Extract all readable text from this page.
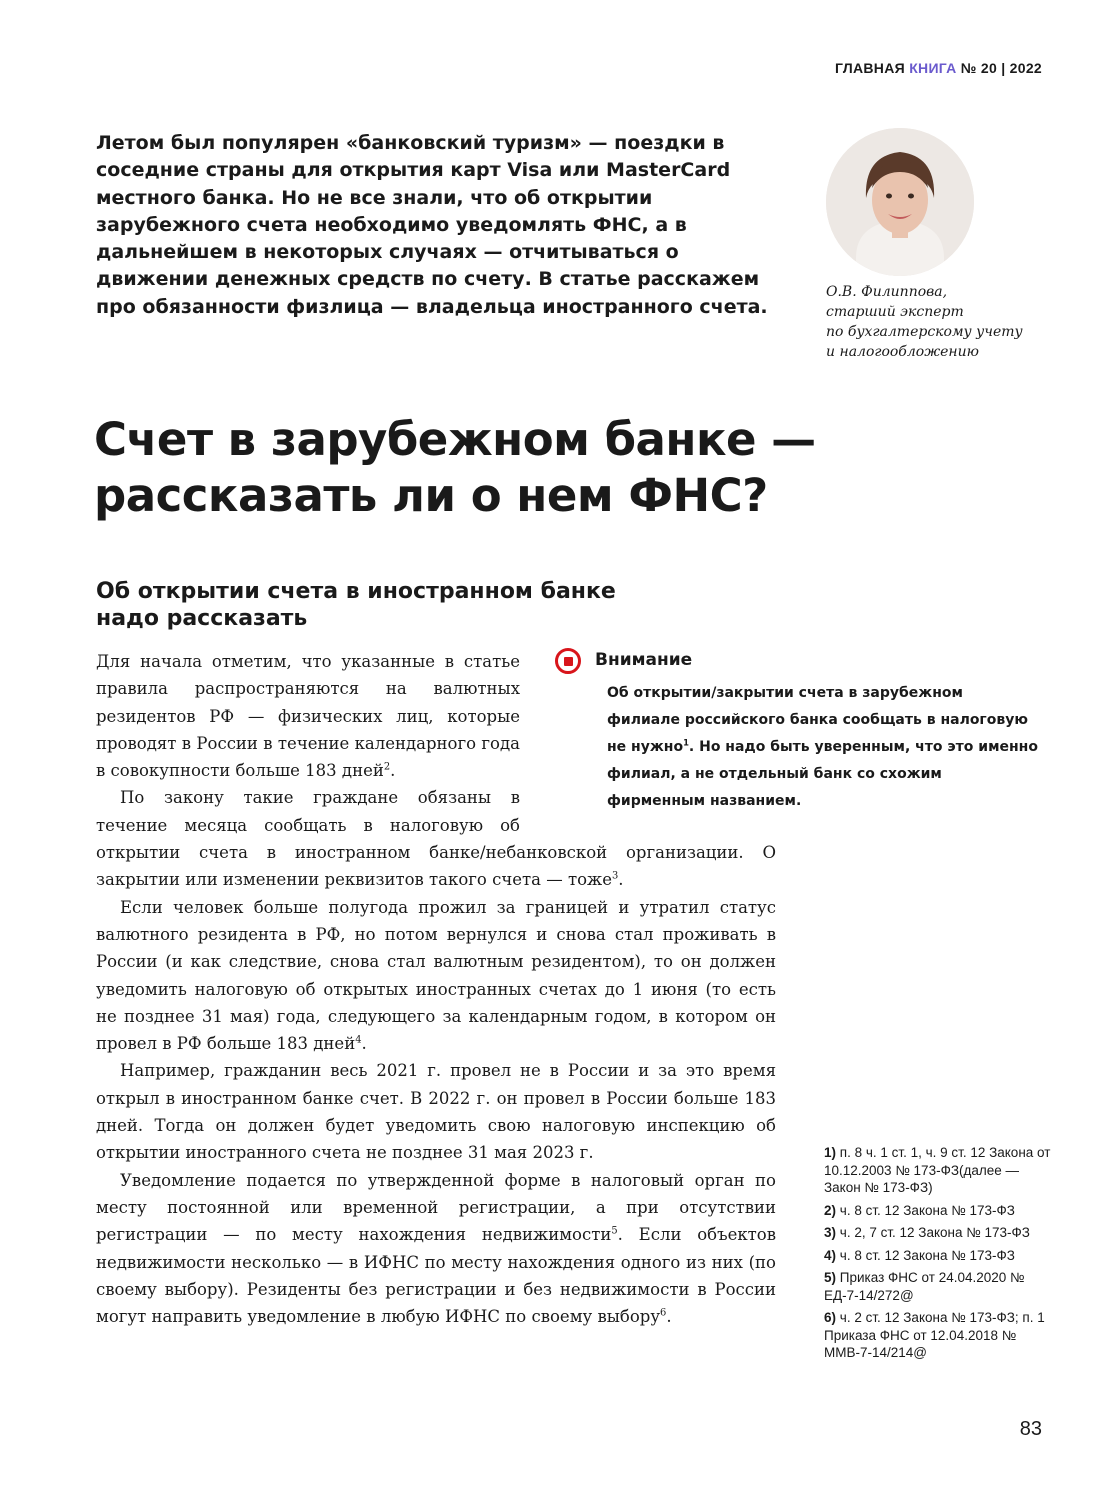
ГЛАВНАЯ КНИГА № 20 | 2022
Летом был популярен «банковский туризм» — поездки в соседние страны для открытия карт Visa или MasterCard местного банка. Но не все знали, что об открытии зарубежного счета необходимо уведомлять ФНС, а в дальнейшем в некоторых случаях — отчитываться о движении денежных средств по счету. В статье расскажем про обязанности физлица — владельца иностранного счета.
О.В. Филиппова,
старший эксперт
по бухгалтерскому учету
и налогообложению
Счет в зарубежном банке —
рассказать ли о нем ФНС?
Об открытии счета в иностранном банке
надо рассказать
Внимание
Об открытии/закрытии счета в зарубежном филиале российского банка сообщать в налоговую не нужно$^1$. Но надо быть уверенным, что это именно филиал, а не отдельный банк со схожим фирменным названием.

Для начала отметим, что указанные в статье правила распространяются на валютных резидентов РФ — физических лиц, которые проводят в России в течение календарного года в совокупности больше 183 дней$^2$.

По закону такие граждане обязаны в течение месяца сообщать в налоговую об открытии счета в иностранном банке/небанковской организации. О закрытии или изменении реквизитов такого счета — тоже$^3$.

Если человек больше полугода прожил за границей и утратил статус валютного резидента в РФ, но потом вернулся и снова стал проживать в России (и как следствие, снова стал валютным резидентом), то он должен уведомить налоговую об открытых иностранных счетах до 1 июня (то есть не позднее 31 мая) года, следующего за календарным годом, в котором он провел в РФ больше 183 дней$^4$.

Например, гражданин весь 2021 г. провел не в России и за это время открыл в иностранном банке счет. В 2022 г. он провел в России больше 183 дней. Тогда он должен будет уведомить свою налоговую инспекцию об открытии иностранного счета не позднее 31 мая 2023 г.

Уведомление подается по утвержденной форме в налоговый орган по месту постоянной или временной регистрации, а при отсутствии регистрации — по месту нахождения недвижимости$^5$. Если объектов недвижимости несколько — в ИФНС по месту нахождения одного из них (по своему выбору). Резиденты без регистрации и без недвижимости в России могут направить уведомление в любую ИФНС по своему выбору$^6$.

1) п. 8 ч. 1 ст. 1, ч. 9 ст. 12 Закона от 10.12.2003 № 173-ФЗ(далее — Закон № 173-ФЗ)
2) ч. 8 ст. 12 Закона № 173-ФЗ
3) ч. 2, 7 ст. 12 Закона № 173-ФЗ
4) ч. 8 ст. 12 Закона № 173-ФЗ
5) Приказ ФНС от 24.04.2020 № ЕД-7-14/272@
6) ч. 2 ст. 12 Закона № 173-ФЗ; п. 1 Приказа ФНС от 12.04.2018 № ММВ-7-14/214@
83
